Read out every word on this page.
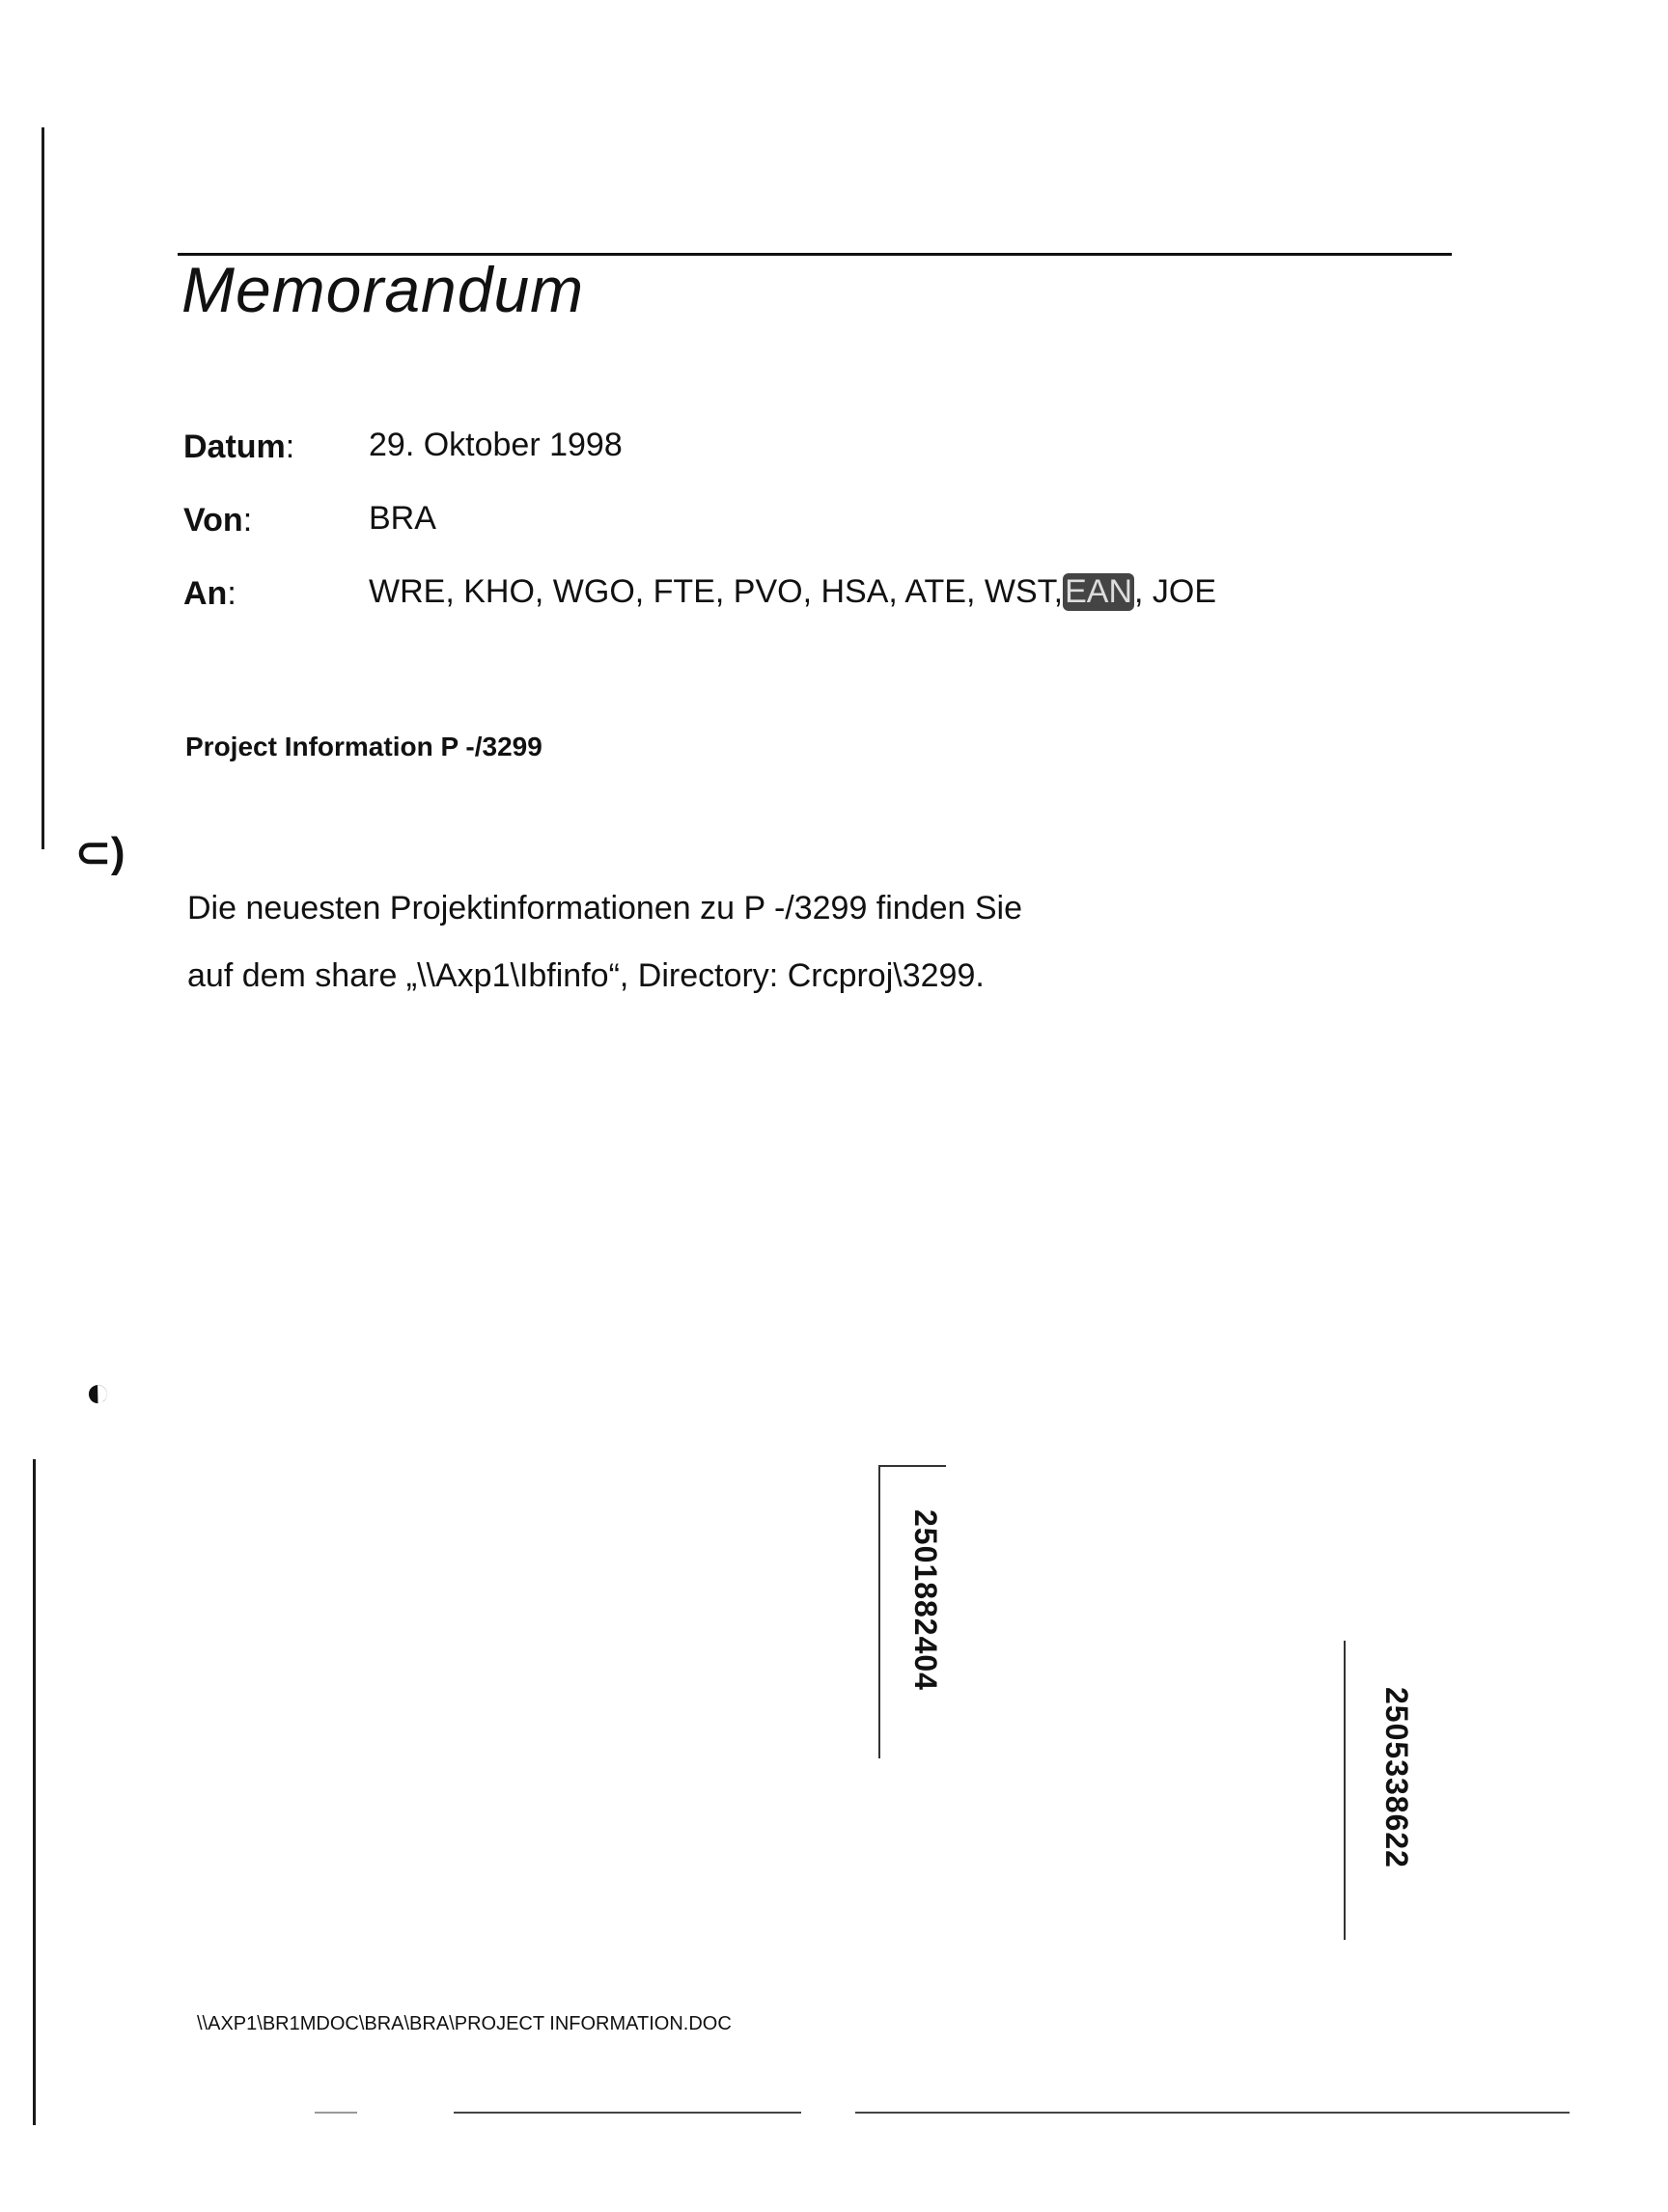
⊂)
◐
Memorandum
Datum: 29. Oktober 1998
Von:	BRA
An:	WRE, KHO, WGO, FTE, PVO, HSA, ATE, WST,EAN, JOE
Project Information P -/3299
Die neuesten Projektinformationen zu P -/3299 finden Sie
auf dem share „\\Axp1\Ibfinfo“, Directory: Crcproj\3299.
2501882404
2505338622
\\AXP1\BR1MDOC\BRA\BRA\PROJECT INFORMATION.DOC
